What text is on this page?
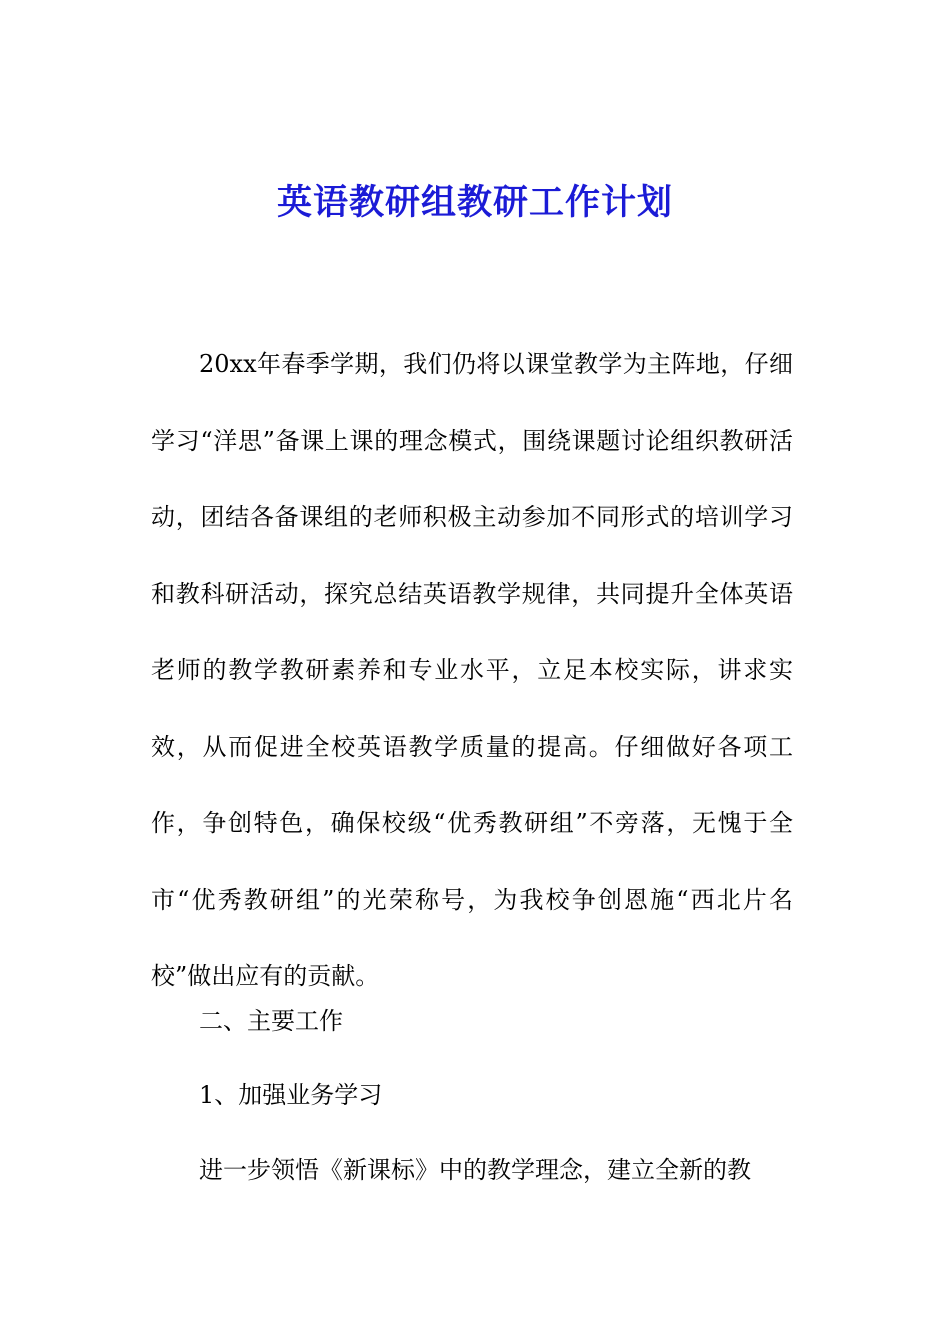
英语教研组教研工作计划

20xx年春季学期，我们仍将以课堂教学为主阵地，仔细学习“洋思”备课上课的理念模式，围绕课题讨论组织教研活动，团结各备课组的老师积极主动参加不同形式的培训学习和教科研活动，探究总结英语教学规律，共同提升全体英语老师的教学教研素养和专业水平，立足本校实际，讲求实效，从而促进全校英语教学质量的提高。仔细做好各项工作，争创特色，确保校级“优秀教研组”不旁落，无愧于全市“优秀教研组”的光荣称号，为我校争创恩施“西北片名校”做出应有的贡献。

二、主要工作

1、加强业务学习

进一步领悟《新课标》中的教学理念，建立全新的教
